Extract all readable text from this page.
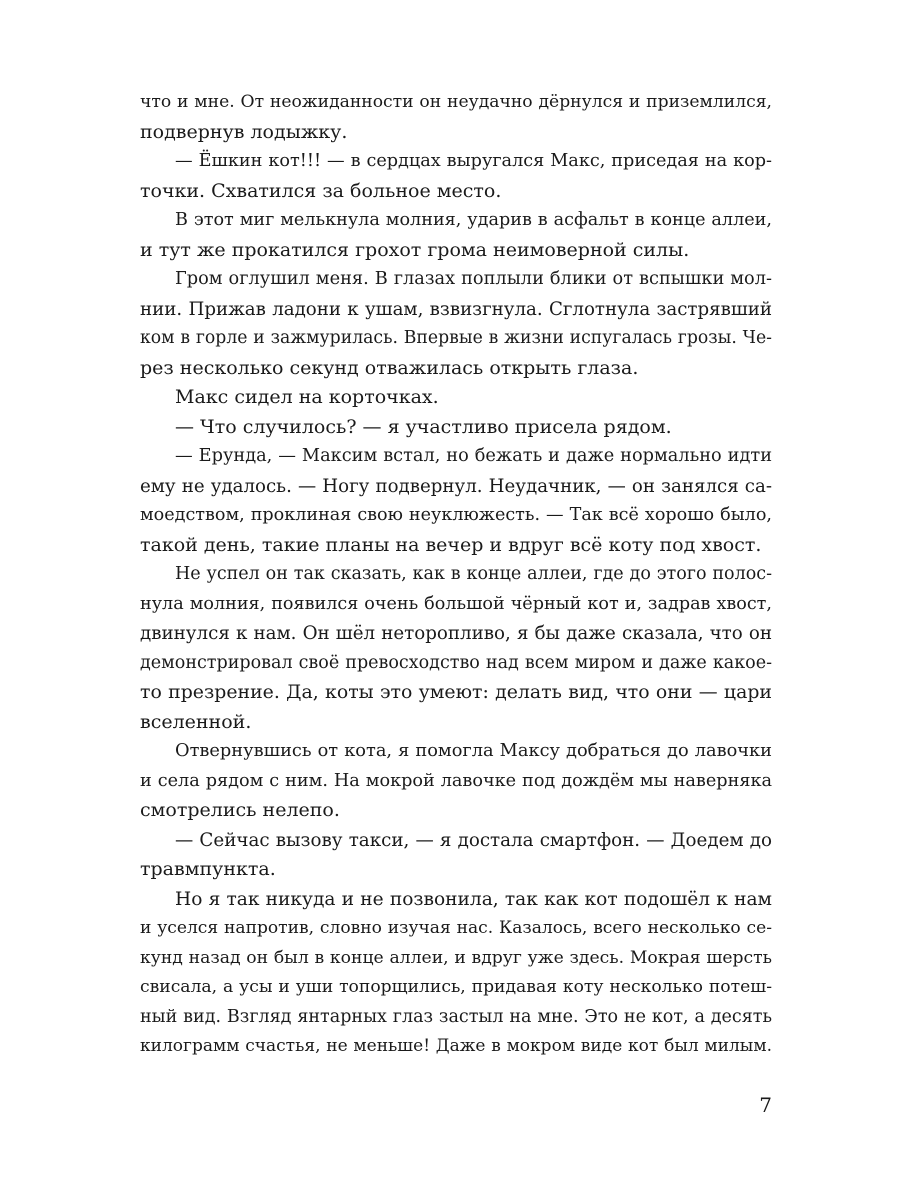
что и мне. От неожиданности он неудачно дёрнулся и приземлился,
подвернув лодыжку.
— Ёшкин кот!!! — в сердцах выругался Макс, приседая на кор-
точки. Схватился за больное место.
В этот миг мелькнула молния, ударив в асфальт в конце аллеи,
и тут же прокатился грохот грома неимоверной силы.
Гром оглушил меня. В глазах поплыли блики от вспышки мол-
нии. Прижав ладони к ушам, взвизгнула. Сглотнула застрявший
ком в горле и зажмурилась. Впервые в жизни испугалась грозы. Че-
рез несколько секунд отважилась открыть глаза.
Макс сидел на корточках.
— Что случилось? — я участливо присела рядом.
— Ерунда, — Максим встал, но бежать и даже нормально идти
ему не удалось. — Ногу подвернул. Неудачник, — он занялся са-
моедством, проклиная свою неуклюжесть. — Так всё хорошо было,
такой день, такие планы на вечер и вдруг всё коту под хвост.
Не успел он так сказать, как в конце аллеи, где до этого полос-
нула молния, появился очень большой чёрный кот и, задрав хвост,
двинулся к нам. Он шёл неторопливо, я бы даже сказала, что он
демонстрировал своё превосходство над всем миром и даже какое-
то презрение. Да, коты это умеют: делать вид, что они — цари
вселенной.
Отвернувшись от кота, я помогла Максу добраться до лавочки
и села рядом с ним. На мокрой лавочке под дождём мы наверняка
смотрелись нелепо.
— Сейчас вызову такси, — я достала смартфон. — Доедем до
травмпункта.
Но я так никуда и не позвонила, так как кот подошёл к нам
и уселся напротив, словно изучая нас. Казалось, всего несколько се-
кунд назад он был в конце аллеи, и вдруг уже здесь. Мокрая шерсть
свисала, а усы и уши топорщились, придавая коту несколько потеш-
ный вид. Взгляд янтарных глаз застыл на мне. Это не кот, а десять
килограмм счастья, не меньше! Даже в мокром виде кот был милым.
7
